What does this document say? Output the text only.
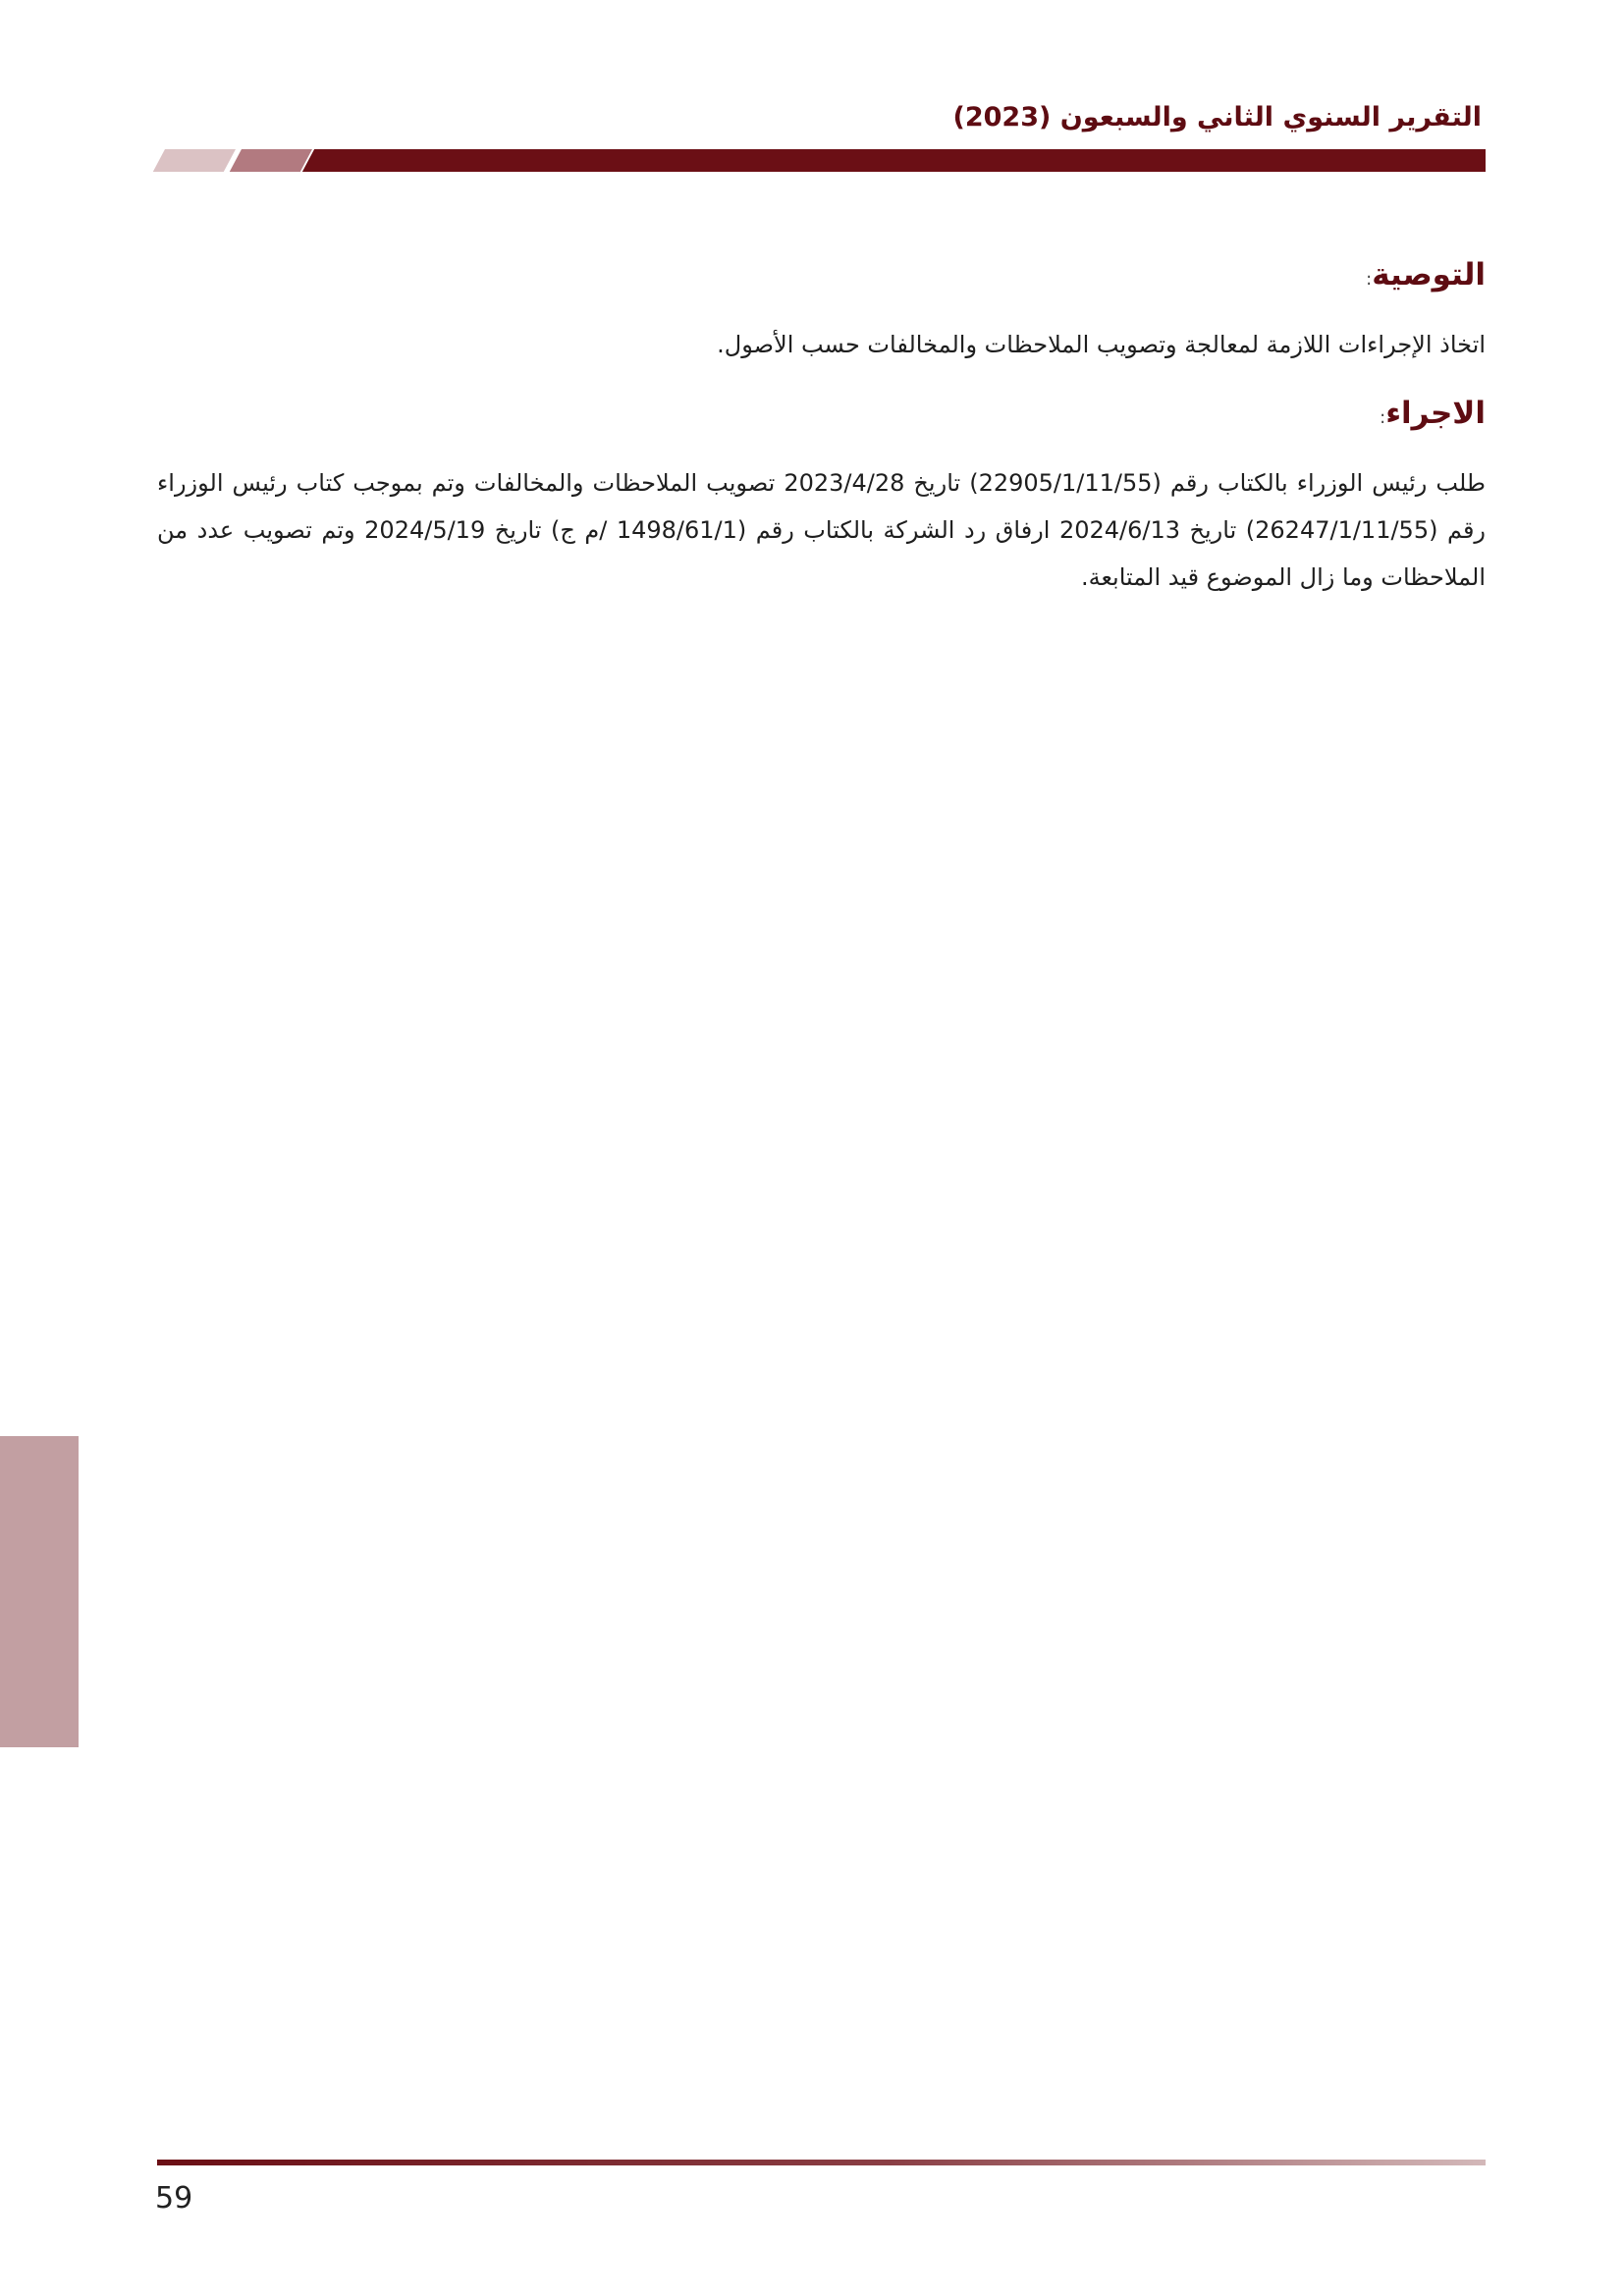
التقرير السنوي الثاني والسبعون (2023)
التوصية:

اتخاذ الإجراءات اللازمة لمعالجة وتصويب الملاحظات والمخالفات حسب الأصول.

الاجراء:

طلب رئيس الوزراء بالكتاب رقم (22905/1/11/55) تاريخ 2023/4/28 تصويب الملاحظات والمخالفات وتم بموجب كتاب رئيس الوزراء رقم (26247/1/11/55) تاريخ 2024/6/13 ارفاق رد الشركة بالكتاب رقم (1498/61/1 /م ج) تاريخ 2024/5/19 وتم تصويب عدد من الملاحظات وما زال الموضوع قيد المتابعة.

59
